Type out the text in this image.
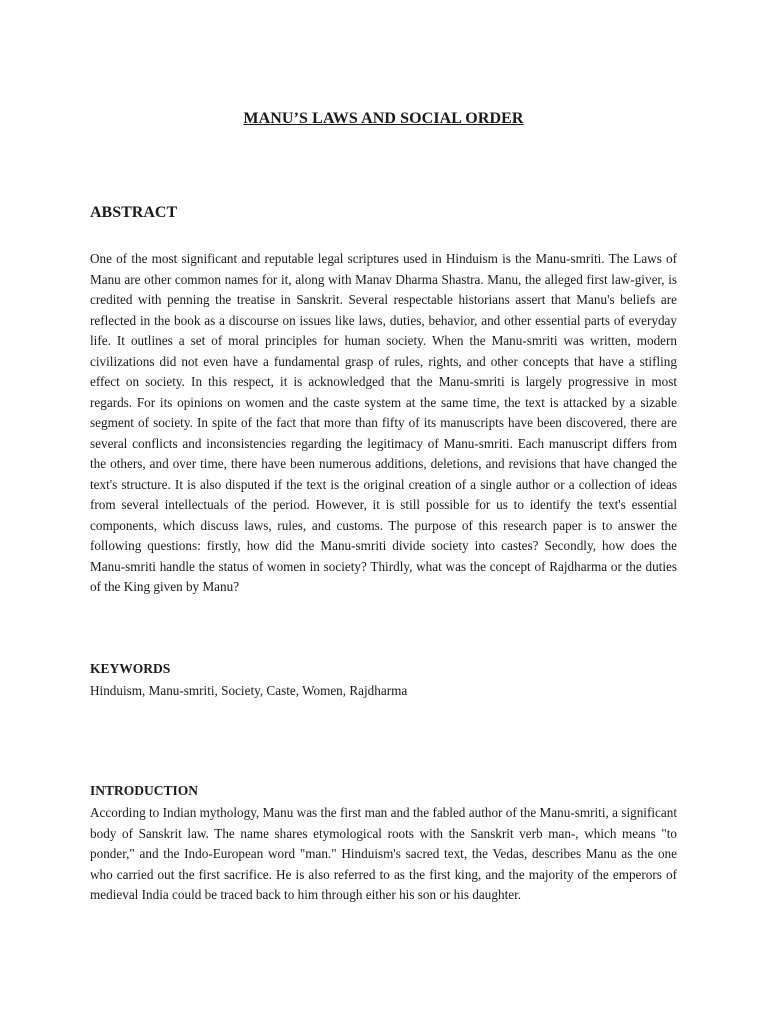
MANU’S LAWS AND SOCIAL ORDER
ABSTRACT

One of the most significant and reputable legal scriptures used in Hinduism is the Manu-smriti. The Laws of Manu are other common names for it, along with Manav Dharma Shastra. Manu, the alleged first law-giver, is credited with penning the treatise in Sanskrit. Several respectable historians assert that Manu's beliefs are reflected in the book as a discourse on issues like laws, duties, behavior, and other essential parts of everyday life. It outlines a set of moral principles for human society. When the Manu-smriti was written, modern civilizations did not even have a fundamental grasp of rules, rights, and other concepts that have a stifling effect on society. In this respect, it is acknowledged that the Manu-smriti is largely progressive in most regards. For its opinions on women and the caste system at the same time, the text is attacked by a sizable segment of society. In spite of the fact that more than fifty of its manuscripts have been discovered, there are several conflicts and inconsistencies regarding the legitimacy of Manu-smriti. Each manuscript differs from the others, and over time, there have been numerous additions, deletions, and revisions that have changed the text's structure. It is also disputed if the text is the original creation of a single author or a collection of ideas from several intellectuals of the period. However, it is still possible for us to identify the text's essential components, which discuss laws, rules, and customs. The purpose of this research paper is to answer the following questions: firstly, how did the Manu-smriti divide society into castes? Secondly, how does the Manu-smriti handle the status of women in society? Thirdly, what was the concept of Rajdharma or the duties of the King given by Manu?

KEYWORDS

Hinduism, Manu-smriti, Society, Caste, Women, Rajdharma

INTRODUCTION

According to Indian mythology, Manu was the first man and the fabled author of the Manu-smriti, a significant body of Sanskrit law. The name shares etymological roots with the Sanskrit verb man-, which means "to ponder," and the Indo-European word "man." Hinduism's sacred text, the Vedas, describes Manu as the one who carried out the first sacrifice. He is also referred to as the first king, and the majority of the emperors of medieval India could be traced back to him through either his son or his daughter.
